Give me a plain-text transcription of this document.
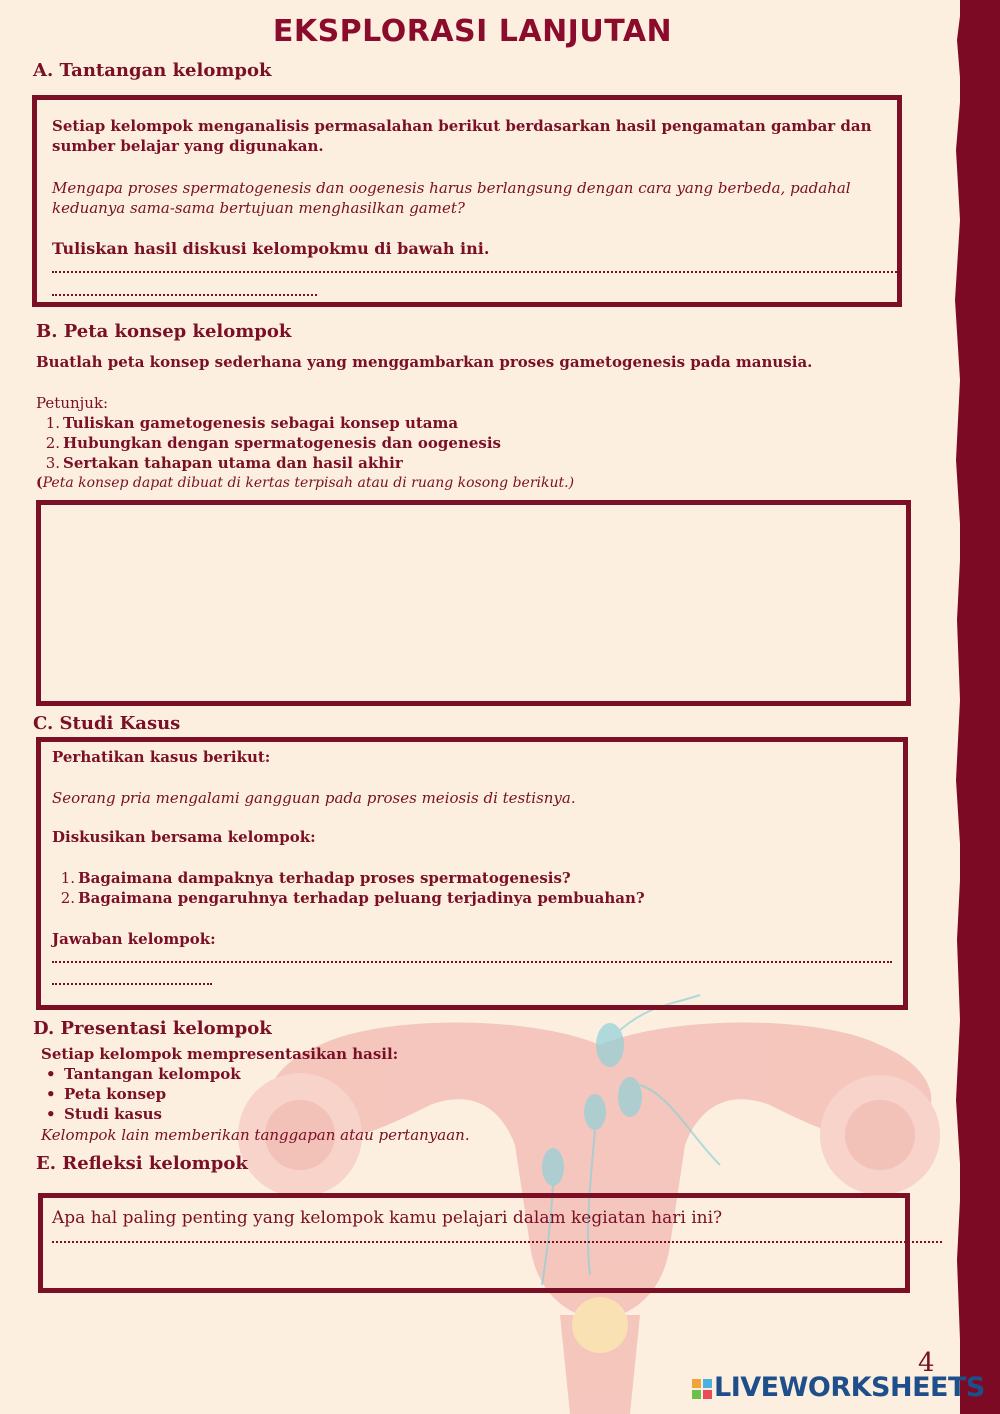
EKSPLORASI LANJUTAN
A. Tantangan kelompok
Setiap kelompok menganalisis permasalahan berikut berdasarkan hasil pengamatan gambar dan sumber belajar yang digunakan.
Mengapa proses spermatogenesis dan oogenesis harus berlangsung dengan cara yang berbeda, padahal keduanya sama-sama bertujuan menghasilkan gamet?
Tuliskan hasil diskusi kelompokmu di bawah ini.
B. Peta konsep kelompok
Buatlah peta konsep sederhana yang menggambarkan proses gametogenesis pada manusia.
Petunjuk:
1. Tuliskan gametogenesis sebagai konsep utama
2. Hubungkan dengan spermatogenesis dan oogenesis
3. Sertakan tahapan utama dan hasil akhir
(Peta konsep dapat dibuat di kertas terpisah atau di ruang kosong berikut.)
C. Studi Kasus
Perhatikan kasus berikut:
Seorang pria mengalami gangguan pada proses meiosis di testisnya.
Diskusikan bersama kelompok:
1. Bagaimana dampaknya terhadap proses spermatogenesis?
2. Bagaimana pengaruhnya terhadap peluang terjadinya pembuahan?
Jawaban kelompok:
D. Presentasi kelompok
Setiap kelompok mempresentasikan hasil:
• Tantangan kelompok
• Peta konsep
• Studi kasus
Kelompok lain memberikan tanggapan atau pertanyaan.
E. Refleksi kelompok
Apa hal paling penting yang kelompok kamu pelajari dalam kegiatan hari ini?
4
LIVEWORKSHEETS
